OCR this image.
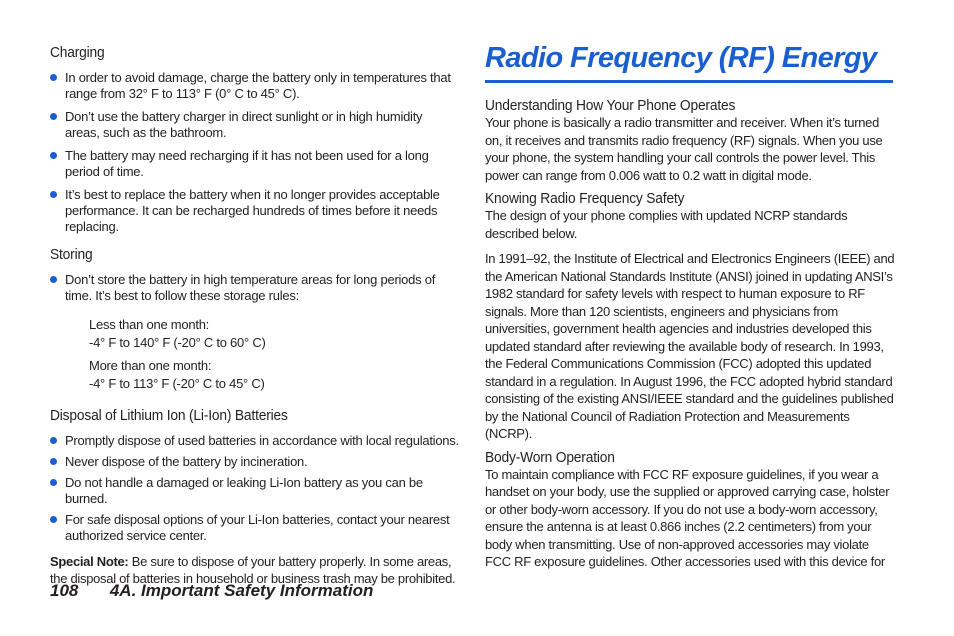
Charging
In order to avoid damage, charge the battery only in temperatures that range from 32° F to 113° F (0° C to 45° C).
Don’t use the battery charger in direct sunlight or in high humidity areas, such as the bathroom.
The battery may need recharging if it has not been used for a long period of time.
It’s best to replace the battery when it no longer provides acceptable performance. It can be recharged hundreds of times before it needs replacing.
Storing
Don’t store the battery in high temperature areas for long periods of time. It’s best to follow these storage rules:
Less than one month:
-4° F to 140° F (-20° C to 60° C)
More than one month:
-4° F to 113° F (-20° C to 45° C)
Disposal of Lithium Ion (Li-Ion) Batteries
Promptly dispose of used batteries in accordance with local regulations.
Never dispose of the battery by incineration.
Do not handle a damaged or leaking Li-Ion battery as you can be burned.
For safe disposal options of your Li-Ion batteries, contact your nearest authorized service center.

Special Note: Be sure to dispose of your battery properly. In some areas, the disposal of batteries in household or business trash may be prohibited.

Radio Frequency (RF) Energy
Understanding How Your Phone Operates

Your phone is basically a radio transmitter and receiver. When it’s turned on, it receives and transmits radio frequency (RF) signals. When you use your phone, the system handling your call controls the power level. This power can range from 0.006 watt to 0.2 watt in digital mode.

Knowing Radio Frequency Safety

The design of your phone complies with updated NCRP standards described below.

In 1991–92, the Institute of Electrical and Electronics Engineers (IEEE) and the American National Standards Institute (ANSI) joined in updating ANSI’s 1982 standard for safety levels with respect to human exposure to RF signals. More than 120 scientists, engineers and physicians from universities, government health agencies and industries developed this updated standard after reviewing the available body of research. In 1993, the Federal Communications Commission (FCC) adopted this updated standard in a regulation. In August 1996, the FCC adopted hybrid standard consisting of the existing ANSI/IEEE standard and the guidelines published by the National Council of Radiation Protection and Measurements (NCRP).

Body-Worn Operation

To maintain compliance with FCC RF exposure guidelines, if you wear a handset on your body, use the supplied or approved carrying case, holster or other body-worn accessory. If you do not use a body-worn accessory, ensure the antenna is at least 0.866 inches (2.2 centimeters) from your body when transmitting. Use of non-approved accessories may violate FCC RF exposure guidelines. Other accessories used with this device for

108 4A. Important Safety Information
